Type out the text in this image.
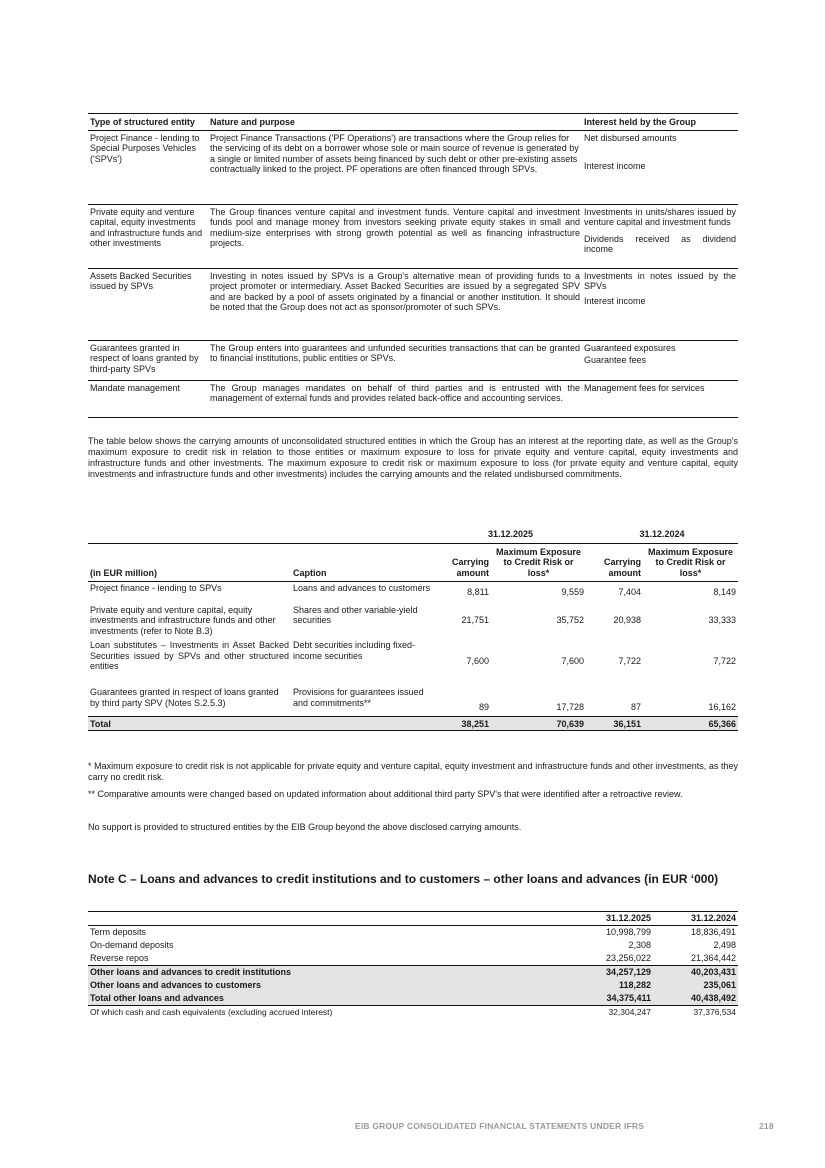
Type of structured entity	Nature and purpose	Interest held by the Group
Project Finance - lending to Special Purposes Vehicles ('SPVs')	Project Finance Transactions ('PF Operations') are transactions where the Group relies for the servicing of its debt on a borrower whose sole or main source of revenue is generated by a single or limited number of assets being financed by such debt or other pre-existing assets contractually linked to the project. PF operations are often financed through SPVs.	Net disbursed amounts

Interest income

Private equity and venture capital, equity investments and infrastructure funds and other investments	The Group finances venture capital and investment funds. Venture capital and investment funds pool and manage money from investors seeking private equity stakes in small and medium-size enterprises with strong growth potential as well as financing infrastructure projects.	Investments in units/shares issued by venture capital and investment funds

Dividends received as dividend income

Assets Backed Securities issued by SPVs	Investing in notes issued by SPVs is a Group's alternative mean of providing funds to a project promoter or intermediary. Asset Backed Securities are issued by a segregated SPV and are backed by a pool of assets originated by a financial or another institution. It should be noted that the Group does not act as sponsor/promoter of such SPVs.	Investments in notes issued by the SPVs

Interest income

Guarantees granted in respect of loans granted by third-party SPVs	The Group enters into guarantees and unfunded securities transactions that can be granted to financial institutions, public entities or SPVs.	Guaranteed exposures

Guarantee fees

Mandate management	The Group manages mandates on behalf of third parties and is entrusted with the management of external funds and provides related back-office and accounting services.	Management fees for services

The table below shows the carrying amounts of unconsolidated structured entities in which the Group has an interest at the reporting date, as well as the Group's maximum exposure to credit risk in relation to those entities or maximum exposure to loss for private equity and venture capital, equity investments and infrastructure funds and other investments. The maximum exposure to credit risk or maximum exposure to loss (for private equity and venture capital, equity investments and infrastructure funds and other investments) includes the carrying amounts and the related undisbursed commitments.

		31.12.2025		31.12.2024	
(in EUR million)	Caption	Carrying amount	Maximum Exposure to Credit Risk or loss*	Carrying amount	Maximum Exposure to Credit Risk or loss*
Project finance - lending to SPVs	Loans and advances to customers	8,811	9,559	7,404	8,149
Private equity and venture capital, equity investments and infrastructure funds and other investments (refer to Note B.3)	Shares and other variable-yield securities	21,751	35,752	20,938	33,333
Loan substitutes – Investments in Asset Backed Securities issued by SPVs and other structured entities	Debt securities including fixed-income securities	7,600	7,600	7,722	7,722
Guarantees granted in respect of loans granted by third party SPV (Notes S.2.5.3)	Provisions for guarantees issued and commitments**	89	17,728	87	16,162
Total		38,251	70,639	36,151	65,366

* Maximum exposure to credit risk is not applicable for private equity and venture capital, equity investment and infrastructure funds and other investments, as they carry no credit risk.

** Comparative amounts were changed based on updated information about additional third party SPV's that were identified after a retroactive review.

No support is provided to structured entities by the EIB Group beyond the above disclosed carrying amounts.

Note C – Loans and advances to credit institutions and to customers – other loans and advances (in EUR ‘000)
	31.12.2025	31.12.2024
Term deposits	10,998,799	18,836,491
On-demand deposits	2,308	2,498
Reverse repos	23,256,022	21,364,442
Other loans and advances to credit institutions	34,257,129	40,203,431
Other loans and advances to customers	118,282	235,061
Total other loans and advances	34,375,411	40,438,492
Of which cash and cash equivalents (excluding accrued interest)	32,304,247	37,376,534
EIB GROUP CONSOLIDATED FINANCIAL STATEMENTS UNDER IFRS	218
